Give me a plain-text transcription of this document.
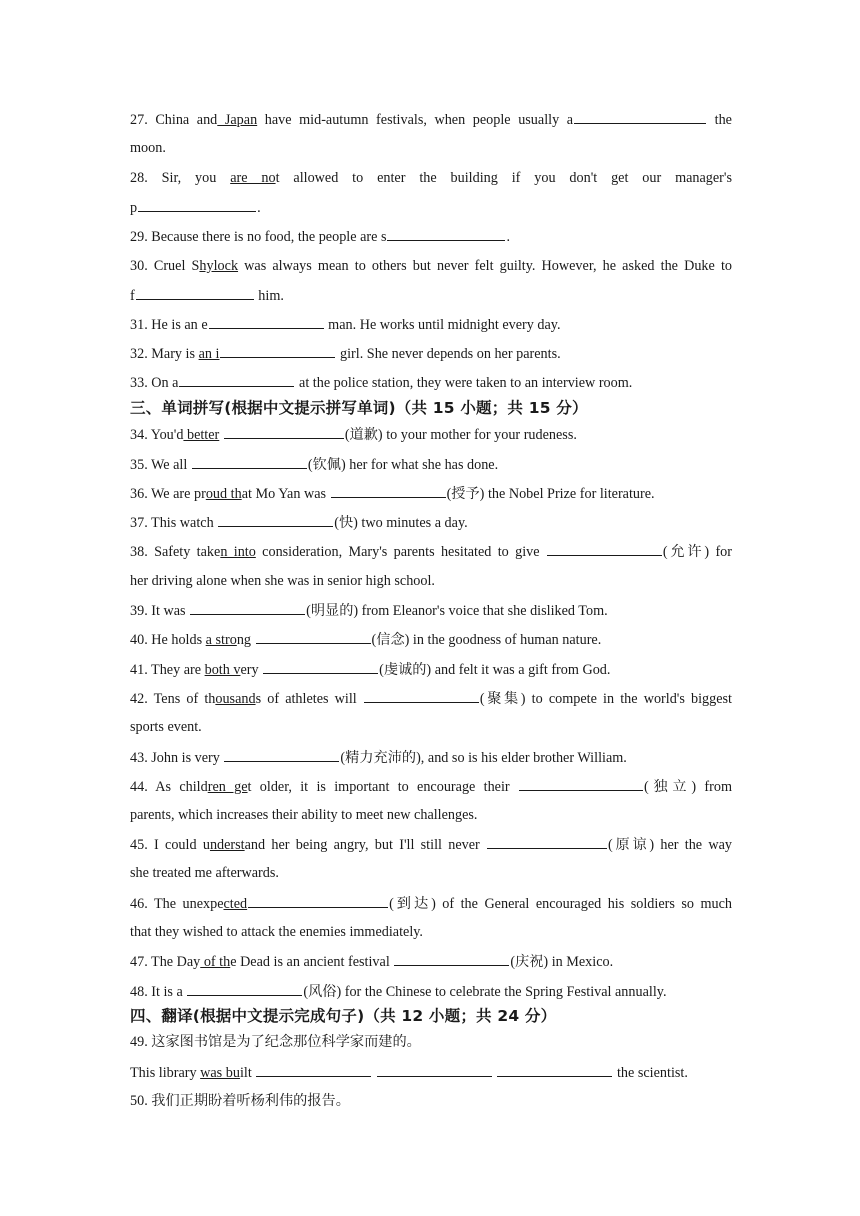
27. China and Japan have mid-autumn festivals, when people usually a	the
moon.
28. Sir, you are not allowed to enter the building if you don't get our manager's
p	.
29. Because there is no food, the people are s	.
30. Cruel Shylock was always mean to others but never felt guilty. However, he asked the Duke to
f	him.
31. He is an e	man. He works until midnight every day.
32. Mary is an i	girl. She never depends on her parents.
33. On a	at the police station, they were taken to an interview room.
三、单词拼写(根据中文提示拼写单词)（共 15 小题；共 15 分）
34. You'd better	(道歉) to your mother for your rudeness.
35. We all	(钦佩) her for what she has done.
36. We are proud that Mo Yan was	(授予) the Nobel Prize for literature.
37. This watch	(快) two minutes a day.
38. Safety taken into consideration, Mary's parents hesitated to give	(允许) for
her driving alone when she was in senior high school.
39. It was	(明显的) from Eleanor's voice that she disliked Tom.
40. He holds a strong	(信念) in the goodness of human nature.
41. They are both very	(虔诚的) and felt it was a gift from God.
42. Tens of thousands of athletes will	(聚集) to compete in the world's biggest
sports event.
43. John is very	(精力充沛的), and so is his elder brother William.
44. As children get older, it is important to encourage their	(独立) from
parents, which increases their ability to meet new challenges.
45. I could understand her being angry, but I'll still never	(原谅) her the way
she treated me afterwards.
46. The unexpected	(到达) of the General encouraged his soldiers so much
that they wished to attack the enemies immediately.
47. The Day of the Dead is an ancient festival	(庆祝) in Mexico.
48. It is a	(风俗) for the Chinese to celebrate the Spring Festival annually.
四、翻译(根据中文提示完成句子)（共 12 小题；共 24 分）
49. 这家图书馆是为了纪念那位科学家而建的。
This library was built	the scientist.
50. 我们正期盼着听杨利伟的报告。
